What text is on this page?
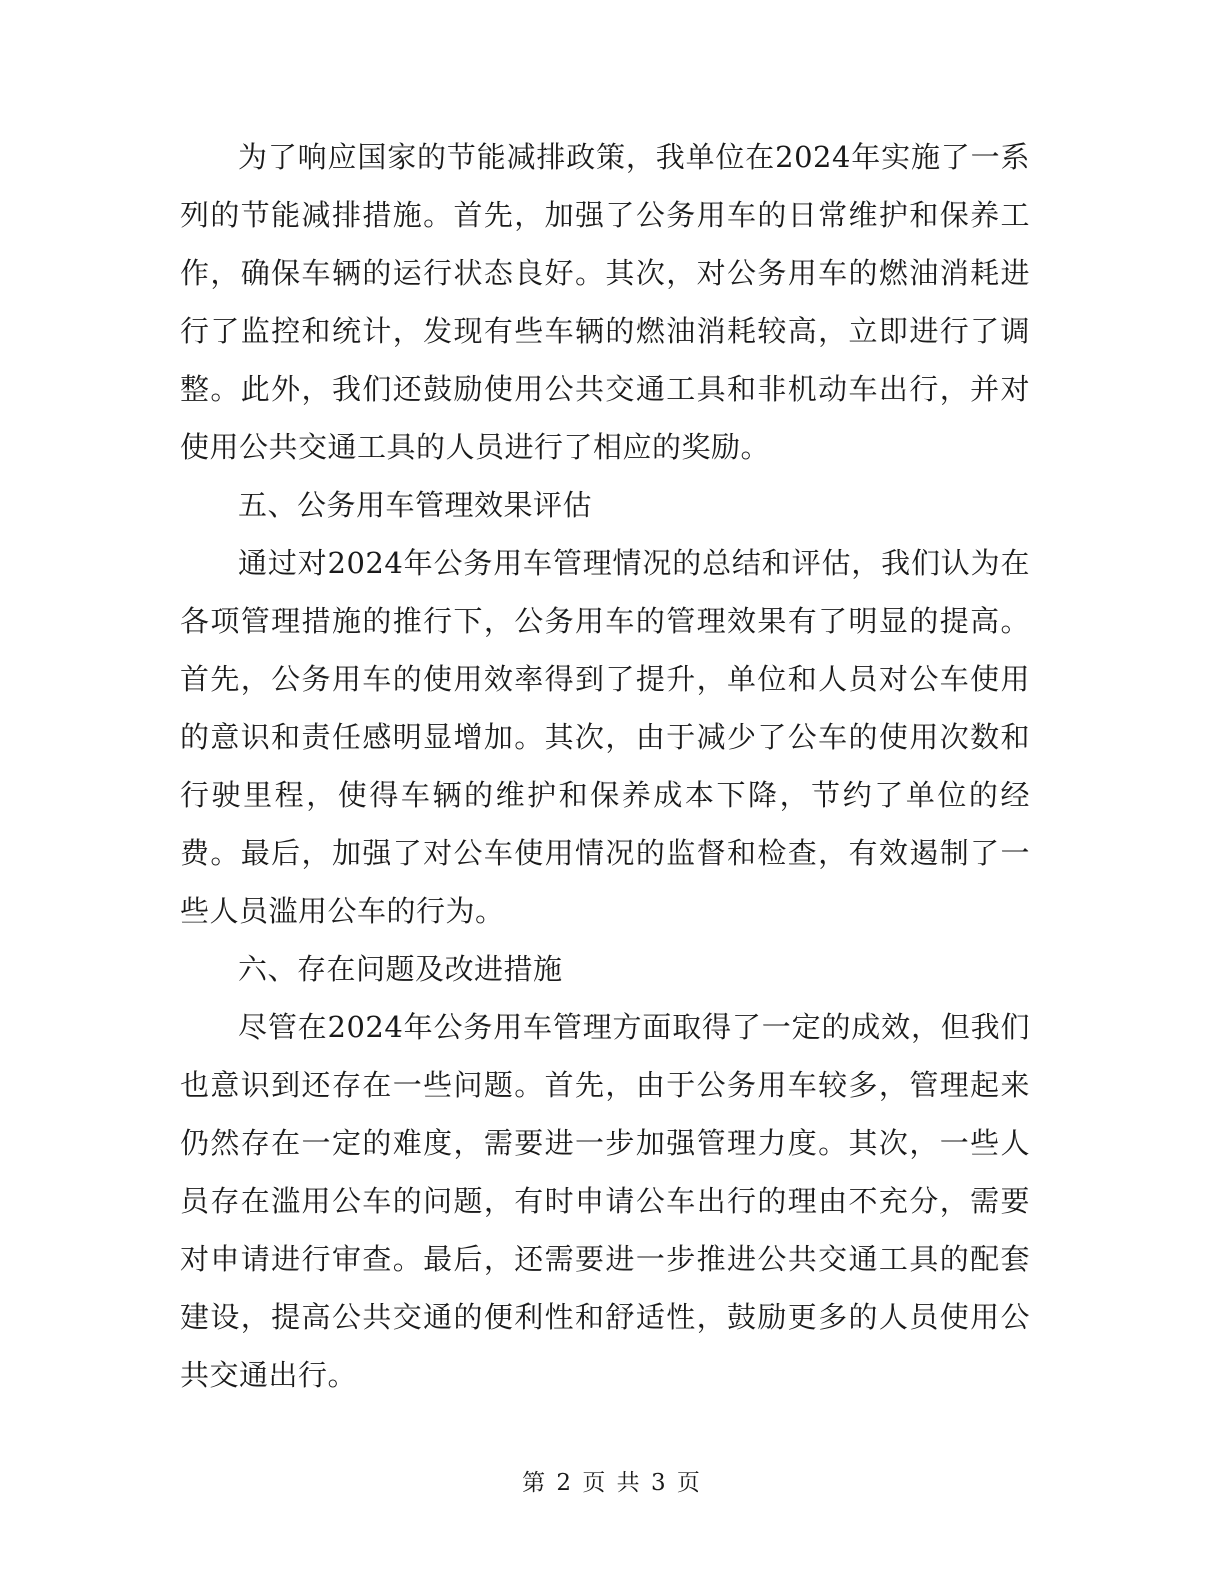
为了响应国家的节能减排政策，我单位在2024年实施了一系列的节能减排措施。首先，加强了公务用车的日常维护和保养工作，确保车辆的运行状态良好。其次，对公务用车的燃油消耗进行了监控和统计，发现有些车辆的燃油消耗较高，立即进行了调整。此外，我们还鼓励使用公共交通工具和非机动车出行，并对使用公共交通工具的人员进行了相应的奖励。

五、公务用车管理效果评估

通过对2024年公务用车管理情况的总结和评估，我们认为在各项管理措施的推行下，公务用车的管理效果有了明显的提高。首先，公务用车的使用效率得到了提升，单位和人员对公车使用的意识和责任感明显增加。其次，由于减少了公车的使用次数和行驶里程，使得车辆的维护和保养成本下降，节约了单位的经费。最后，加强了对公车使用情况的监督和检查，有效遏制了一些人员滥用公车的行为。

六、存在问题及改进措施

尽管在2024年公务用车管理方面取得了一定的成效，但我们也意识到还存在一些问题。首先，由于公务用车较多，管理起来仍然存在一定的难度，需要进一步加强管理力度。其次，一些人员存在滥用公车的问题，有时申请公车出行的理由不充分，需要对申请进行审查。最后，还需要进一步推进公共交通工具的配套建设，提高公共交通的便利性和舒适性，鼓励更多的人员使用公共交通出行。

第 2 页 共 3 页
